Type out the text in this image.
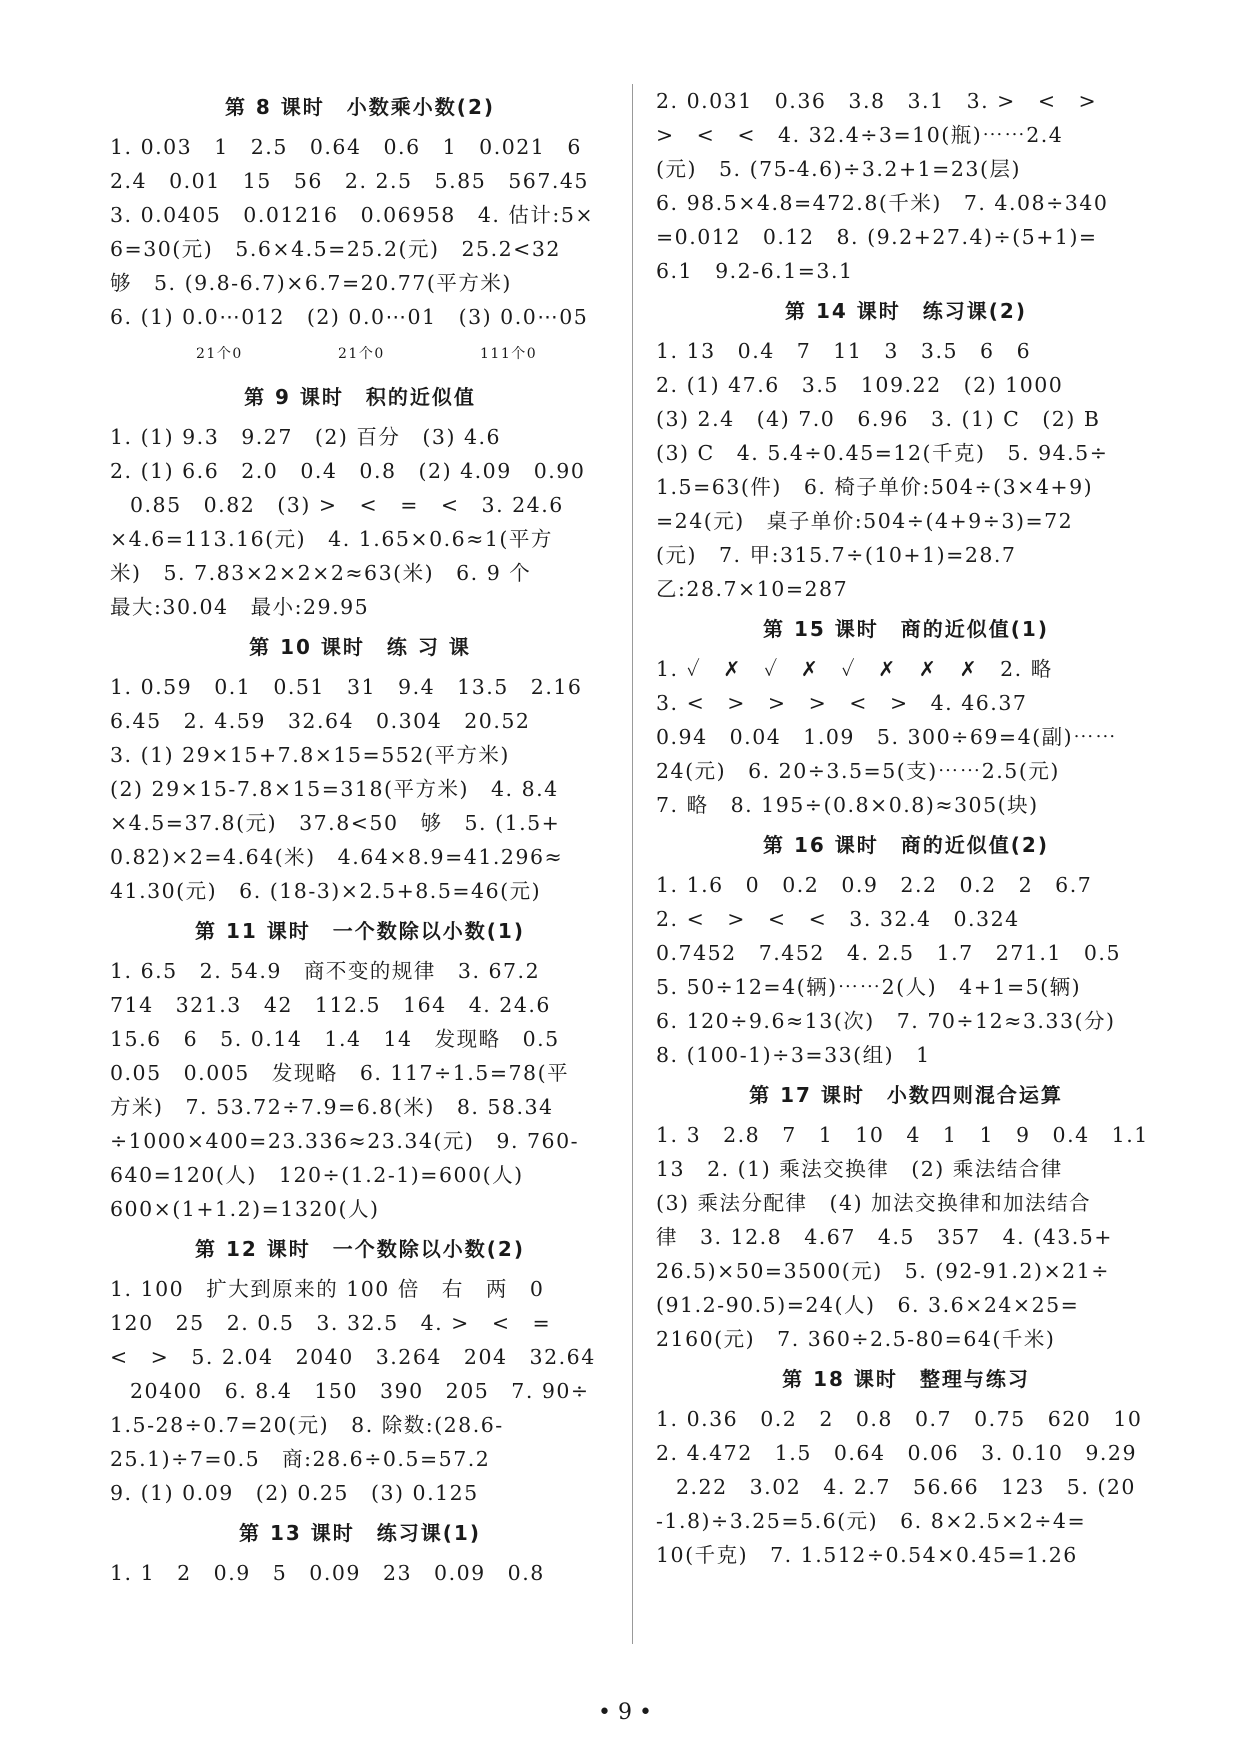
第 8 课时　小数乘小数(2)
1. 0.03　1　2.5　0.64　0.6　1　0.021　6
2.4　0.01　15　56　2. 2.5　5.85　567.45
3. 0.0405　0.01216　0.06958　4. 估计:5×
6=30(元)　5.6×4.5=25.2(元)　25.2<32
够　5. (9.8-6.7)×6.7=20.77(平方米)
6. (1) 0.0⋯012　(2) 0.0⋯01　(3) 0.0⋯05
21个0	21个0	111个0
第 9 课时　积的近似值
1. (1) 9.3　9.27　(2) 百分　(3) 4.6
2. (1) 6.6　2.0　0.4　0.8　(2) 4.09　0.90
0.85　0.82　(3) >　<　=　<　3. 24.6
×4.6=113.16(元)　4. 1.65×0.6≈1(平方
米)　5. 7.83×2×2×2≈63(米)　6. 9 个
最大:30.04　最小:29.95
第 10 课时　练 习 课
1. 0.59　0.1　0.51　31　9.4　13.5　2.16
6.45　2. 4.59　32.64　0.304　20.52
3. (1) 29×15+7.8×15=552(平方米)
(2) 29×15-7.8×15=318(平方米)　4. 8.4
×4.5=37.8(元)　37.8<50　够　5. (1.5+
0.82)×2=4.64(米)　4.64×8.9=41.296≈
41.30(元)　6. (18-3)×2.5+8.5=46(元)
第 11 课时　一个数除以小数(1)
1. 6.5　2. 54.9　商不变的规律　3. 67.2
714　321.3　42　112.5　164　4. 24.6
15.6　6　5. 0.14　1.4　14　发现略　0.5
0.05　0.005　发现略　6. 117÷1.5=78(平
方米)　7. 53.72÷7.9=6.8(米)　8. 58.34
÷1000×400=23.336≈23.34(元)　9. 760-
640=120(人)　120÷(1.2-1)=600(人)
600×(1+1.2)=1320(人)
第 12 课时　一个数除以小数(2)
1. 100　扩大到原来的 100 倍　右　两　0
120　25　2. 0.5　3. 32.5　4. >　<　=
<　>　5. 2.04　2040　3.264　204　32.64
20400　6. 8.4　150　390　205　7. 90÷
1.5-28÷0.7=20(元)　8. 除数:(28.6-
25.1)÷7=0.5　商:28.6÷0.5=57.2
9. (1) 0.09　(2) 0.25　(3) 0.125
第 13 课时　练习课(1)
1. 1　2　0.9　5　0.09　23　0.09　0.8
2. 0.031　0.36　3.8　3.1　3. >　<　>
>　<　<　4. 32.4÷3=10(瓶)⋯⋯2.4
(元)　5. (75-4.6)÷3.2+1=23(层)
6. 98.5×4.8=472.8(千米)　7. 4.08÷340
=0.012　0.12　8. (9.2+27.4)÷(5+1)=
6.1　9.2-6.1=3.1
第 14 课时　练习课(2)
1. 13　0.4　7　11　3　3.5　6　6
2. (1) 47.6　3.5　109.22　(2) 1000
(3) 2.4　(4) 7.0　6.96　3. (1) C　(2) B
(3) C　4. 5.4÷0.45=12(千克)　5. 94.5÷
1.5=63(件)　6. 椅子单价:504÷(3×4+9)
=24(元)　桌子单价:504÷(4+9÷3)=72
(元)　7. 甲:315.7÷(10+1)=28.7
乙:28.7×10=287
第 15 课时　商的近似值(1)
1. ✓　✗　✓　✗　✓　✗　✗　✗　2. 略
3. <　>　>　>　<　>　4. 46.37
0.94　0.04　1.09　5. 300÷69=4(副)⋯⋯
24(元)　6. 20÷3.5=5(支)⋯⋯2.5(元)
7. 略　8. 195÷(0.8×0.8)≈305(块)
第 16 课时　商的近似值(2)
1. 1.6　0　0.2　0.9　2.2　0.2　2　6.7
2. <　>　<　<　3. 32.4　0.324
0.7452　7.452　4. 2.5　1.7　271.1　0.5
5. 50÷12=4(辆)⋯⋯2(人)　4+1=5(辆)
6. 120÷9.6≈13(次)　7. 70÷12≈3.33(分)
8. (100-1)÷3=33(组)　1
第 17 课时　小数四则混合运算
1. 3　2.8　7　1　10　4　1　1　9　0.4　1.1
13　2. (1) 乘法交换律　(2) 乘法结合律
(3) 乘法分配律　(4) 加法交换律和加法结合
律　3. 12.8　4.67　4.5　357　4. (43.5+
26.5)×50=3500(元)　5. (92-91.2)×21÷
(91.2-90.5)=24(人)　6. 3.6×24×25=
2160(元)　7. 360÷2.5-80=64(千米)
第 18 课时　整理与练习
1. 0.36　0.2　2　0.8　0.7　0.75　620　10
2. 4.472　1.5　0.64　0.06　3. 0.10　9.29
2.22　3.02　4. 2.7　56.66　123　5. (20
-1.8)÷3.25=5.6(元)　6. 8×2.5×2÷4=
10(千克)　7. 1.512÷0.54×0.45=1.26
• 9 •
